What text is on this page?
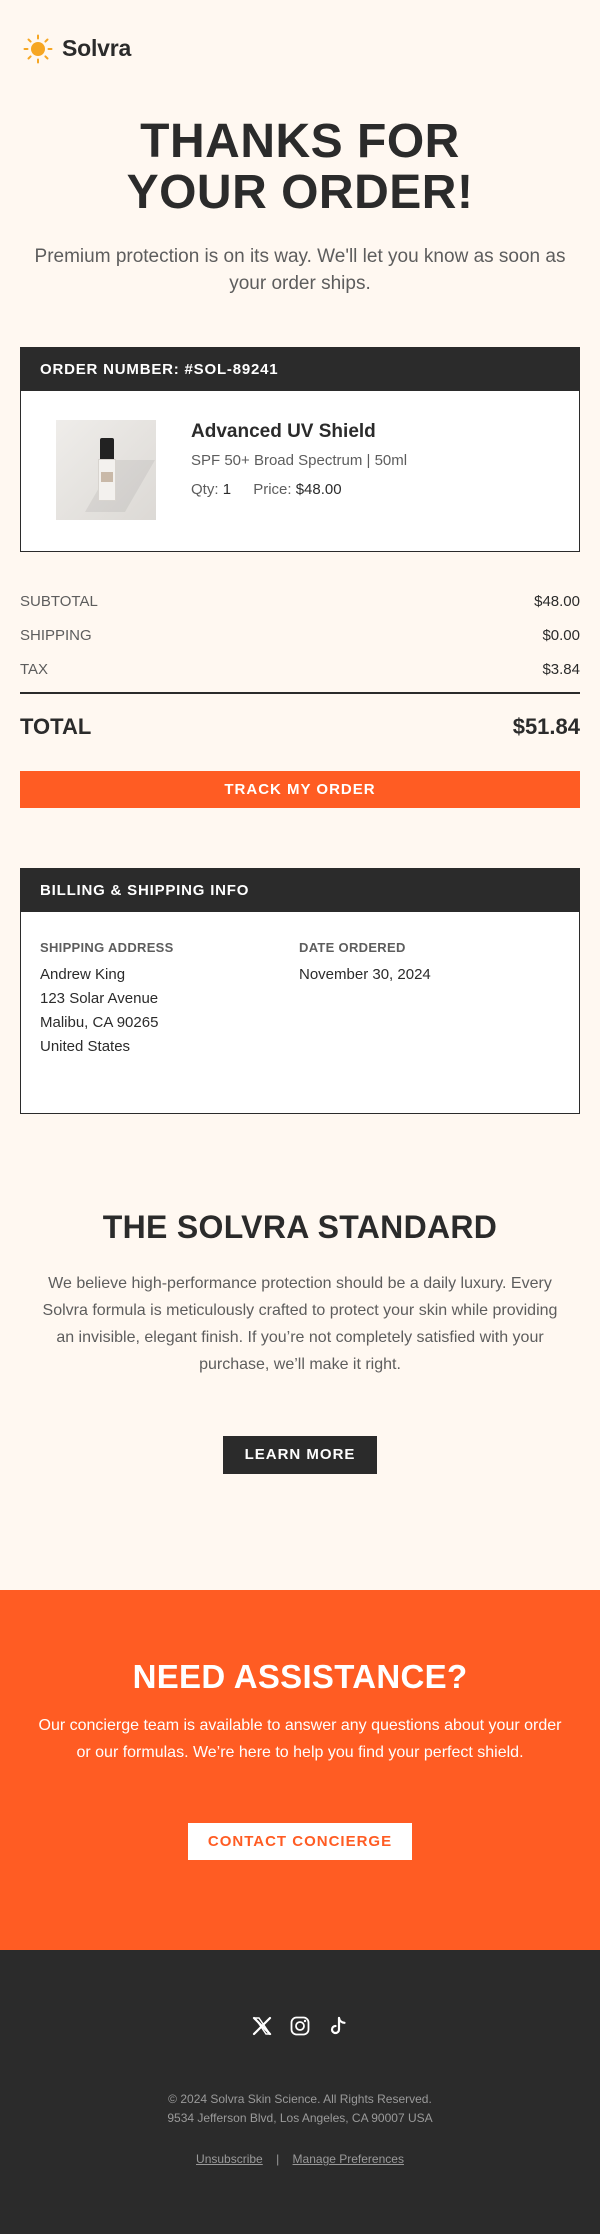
Solvra
THANKS FOR
YOUR ORDER!

Premium protection is on its way. We'll let you know as soon as your order ships.

ORDER NUMBER: #SOL-89241
Advanced UV Shield
SPF 50+ Broad Spectrum | 50ml
Qty: 1 Price: $48.00
SUBTOTAL	$48.00
SHIPPING	$0.00
TAX	$3.84
TOTAL	$51.84
TRACK MY ORDER
BILLING & SHIPPING INFO
SHIPPING ADDRESS
Andrew King
123 Solar Avenue
Malibu, CA 90265
United States
DATE ORDERED
November 30, 2024
THE SOLVRA STANDARD

We believe high-performance protection should be a daily luxury. Every Solvra formula is meticulously crafted to protect your skin while providing an invisible, elegant finish. If you’re not completely satisfied with your purchase, we’ll make it right.

LEARN MORE
NEED ASSISTANCE?

Our concierge team is available to answer any questions about your order or our formulas. We’re here to help you find your perfect shield.

CONTACT CONCIERGE
© 2024 Solvra Skin Science. All Rights Reserved.
9534 Jefferson Blvd, Los Angeles, CA 90007 USA
Unsubscribe | Manage Preferences
